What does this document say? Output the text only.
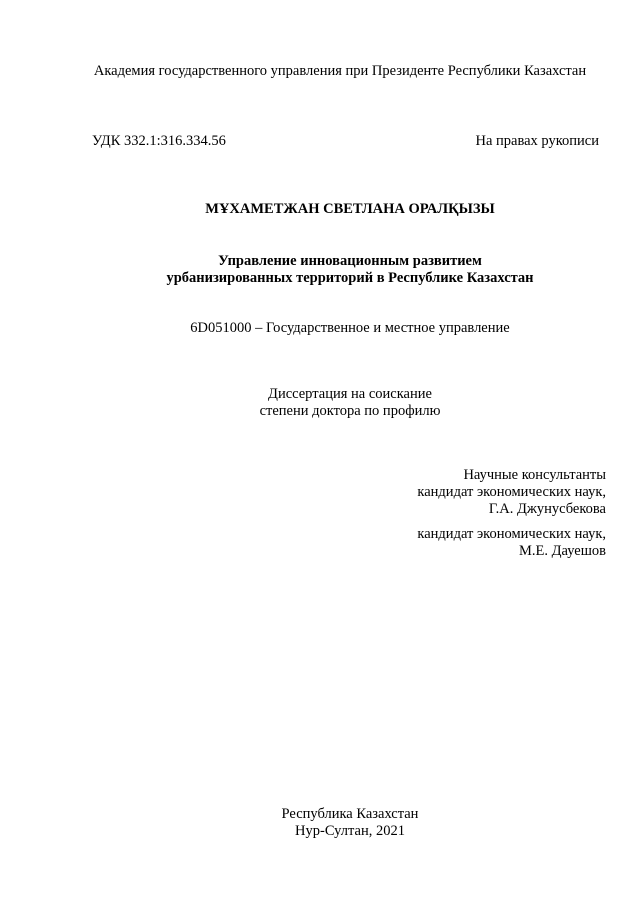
Академия государственного управления при Президенте Республики Казахстан
УДК 332.1:316.334.56	На правах рукописи
МҰХАМЕТЖАН СВЕТЛАНА ОРАЛҚЫЗЫ
Управление инновационным развитием
урбанизированных территорий в Республике Казахстан
6D051000 – Государственное и местное управление
Диссертация на соискание
степени доктора по профилю
Научные консультанты
кандидат экономических наук,
Г.А. Джунусбекова
кандидат экономических наук,
М.Е. Дауешов
Республика Казахстан
Нур-Султан, 2021
